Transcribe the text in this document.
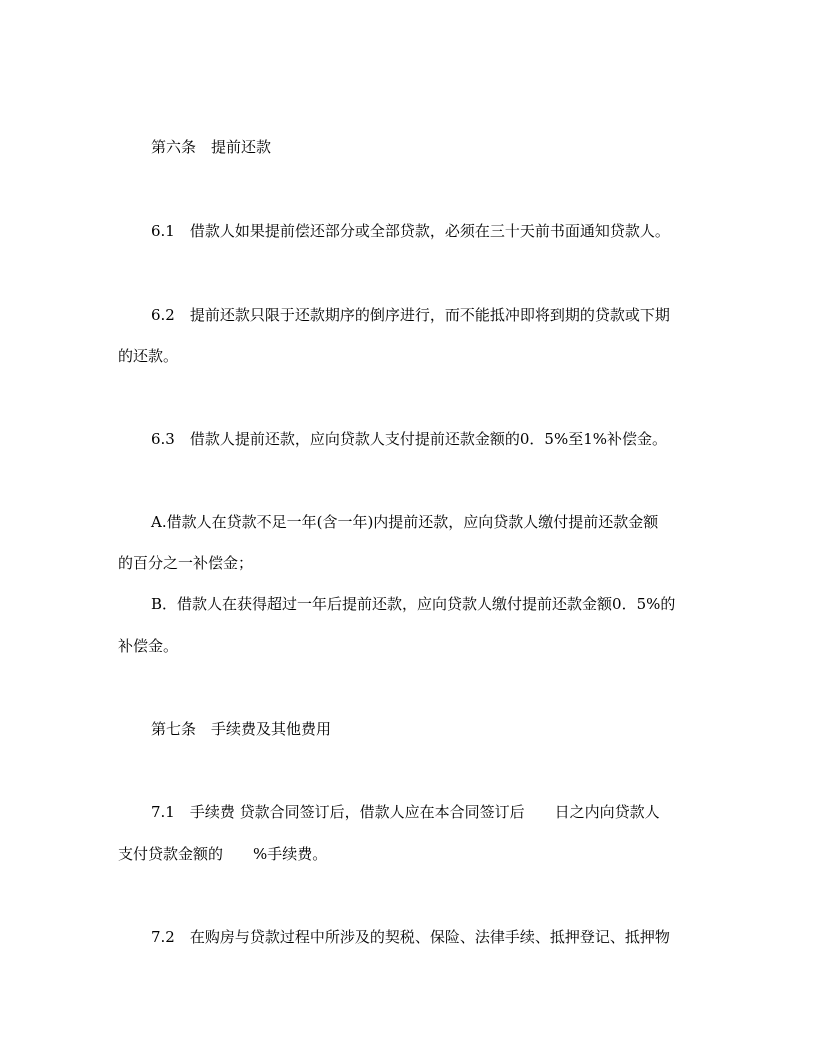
第六条　提前还款
6.1　借款人如果提前偿还部分或全部贷款，必须在三十天前书面通知贷款人。
6.2　提前还款只限于还款期序的倒序进行，而不能抵冲即将到期的贷款或下期
的还款。
6.3　借款人提前还款，应向贷款人支付提前还款金额的0．5%至1%补偿金。
A.借款人在贷款不足一年(含一年)内提前还款，应向贷款人缴付提前还款金额
的百分之一补偿金；
B．借款人在获得超过一年后提前还款，应向贷款人缴付提前还款金额0．5%的
补偿金。
第七条　手续费及其他费用
7.1　手续费 贷款合同签订后，借款人应在本合同签订后　　日之内向贷款人
支付贷款金额的　　%手续费。
7.2　在购房与贷款过程中所涉及的契税、保险、法律手续、抵押登记、抵押物
